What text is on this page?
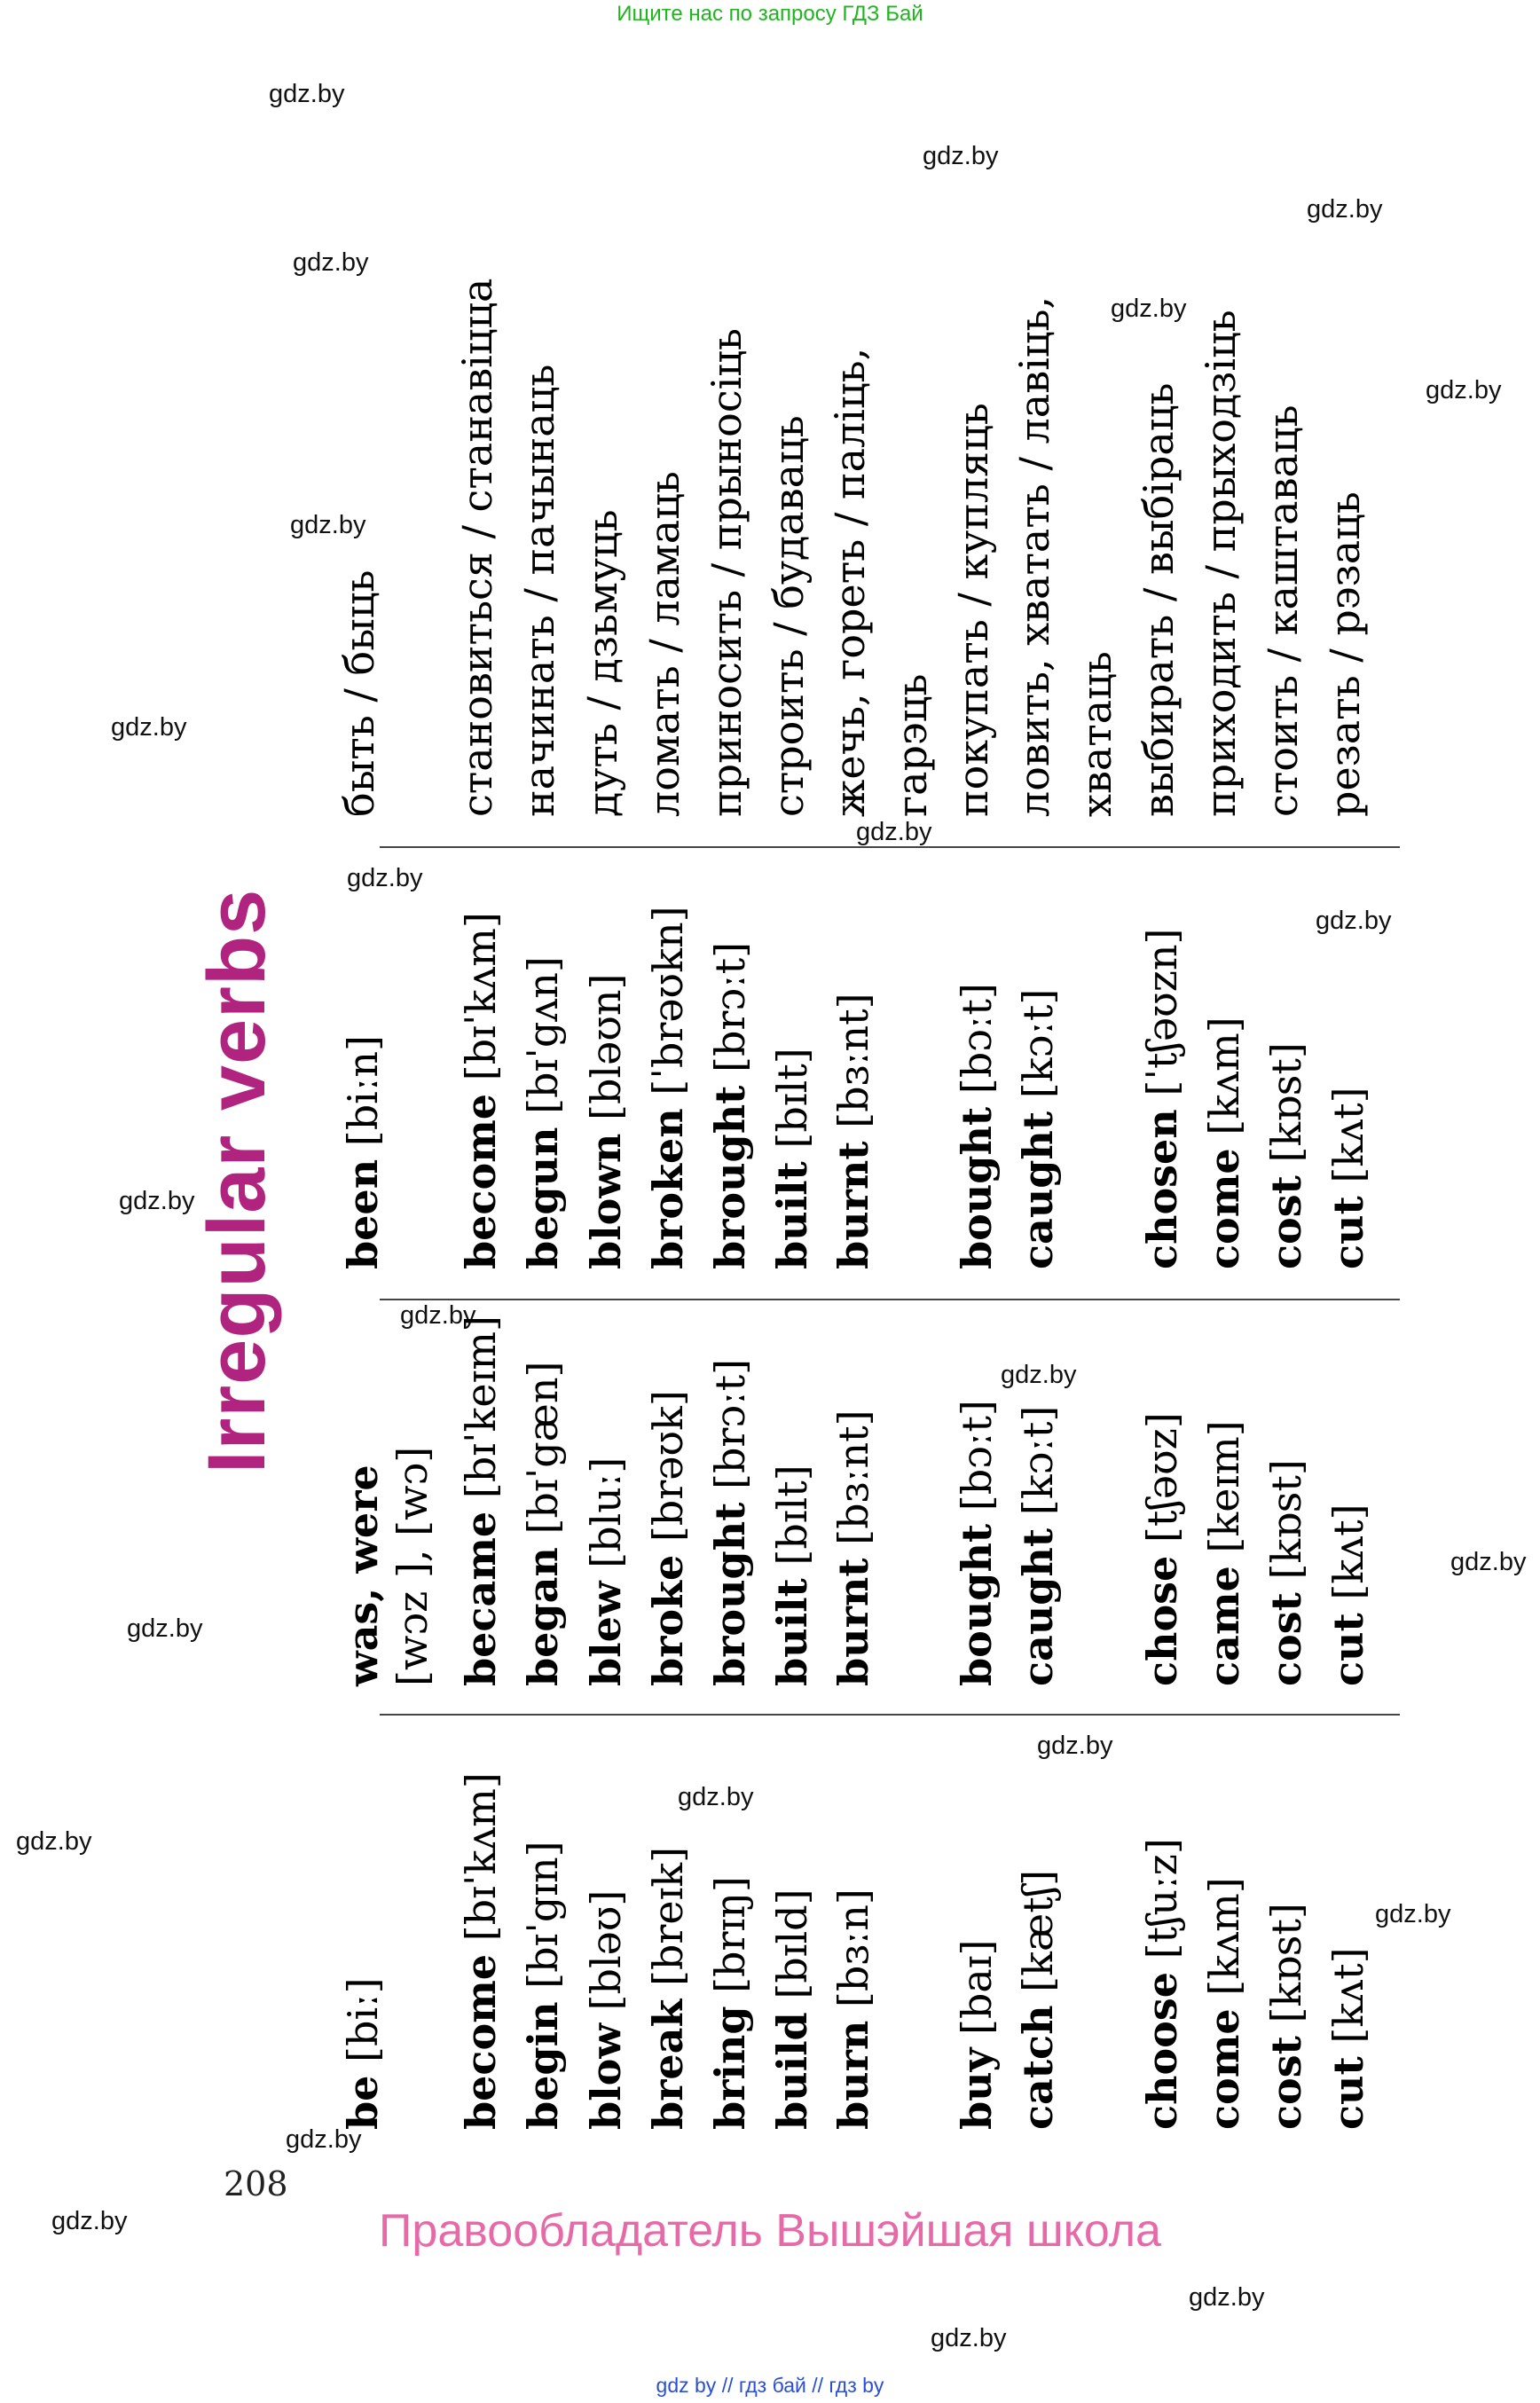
Ищите нас по запросу ГДЗ Бай
gdz.by
gdz.by
gdz.by
gdz.by
gdz.by
gdz.by
gdz.by
gdz.by
gdz.by
gdz.by
gdz.by
gdz.by
gdz.by
gdz.by
gdz.by
gdz.by
gdz.by
gdz.by
gdz.by
gdz.by
gdz.by
gdz.by
gdz.by
gdz.by
Irregular verbs
be [biː]
was, were [wɔz ], [wɔ]
been [biːn]
быть / быць
become [bɪˈkʌm]
became [bɪˈkeɪm]
become [bɪˈkʌm]
становиться / станавіцца
begin [bɪˈgɪn]
began [bɪˈgæn]
begun [bɪˈgʌn]
начинать / пачынаць
blow [bləʊ]
blew [bluː]
blown [bləʊn]
дуть / дзьмуць
break [breɪk]
broke [brəʊk]
broken [ˈbrəʊkn]
ломать / ламаць
bring [brɪŋ]
brought [brɔːt]
brought [brɔːt]
приносить / прыносіць
build [bɪld]
built [bɪlt]
built [bɪlt]
строить / будаваць
burn [bɜːn]
burnt [bɜːnt]
burnt [bɜːnt]
жечь, гореть / паліць, гарэць
buy [baɪ]
bought [bɔːt]
bought [bɔːt]
покупать / купляць
catch [kætʃ]
caught [kɔːt]
caught [kɔːt]
ловить, хватать / лавіць, хватаць
choose [tʃuːz]
chose [tʃəʊz]
chosen [ˈtʃəʊzn]
выбирать / выбіраць
come [kʌm]
came [keɪm]
come [kʌm]
приходить / прыходзіць
cost [kɒst]
cost [kɒst]
cost [kɒst]
стоить / каштаваць
cut [kʌt]
cut [kʌt]
cut [kʌt]
резать / рэзаць
208
Правообладатель Вышэйшая школа
gdz by // гдз бай // гдз by
